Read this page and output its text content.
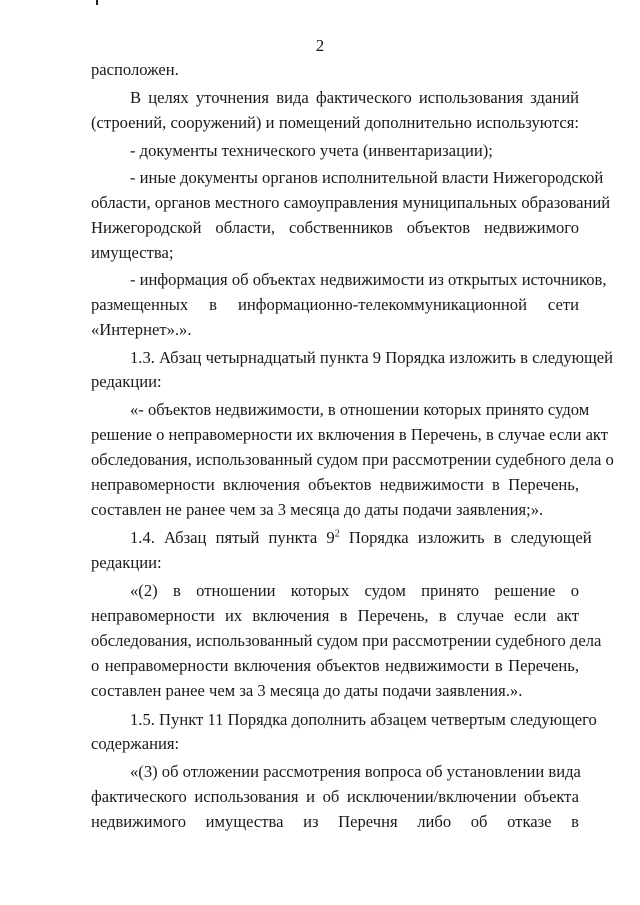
2
расположен.
В целях уточнения вида фактического использования зданий
(строений, сооружений) и помещений дополнительно используются:
- документы технического учета (инвентаризации);
- иные документы органов исполнительной власти Нижегородской
области, органов местного самоуправления муниципальных образований
Нижегородской области, собственников объектов недвижимого
имущества;
- информация об объектах недвижимости из открытых источников,
размещенных в информационно-телекоммуникационной сети
«Интернет».».
1.3. Абзац четырнадцатый пункта 9 Порядка изложить в следующей
редакции:
«- объектов недвижимости, в отношении которых принято судом
решение о неправомерности их включения в Перечень, в случае если акт
обследования, использованный судом при рассмотрении судебного дела о
неправомерности включения объектов недвижимости в Перечень,
составлен не ранее чем за 3 месяца до даты подачи заявления;».
1.4. Абзац пятый пункта $9^2$ Порядка изложить в следующей
редакции:
«(2) в отношении которых судом принято решение о
неправомерности их включения в Перечень, в случае если акт
обследования, использованный судом при рассмотрении судебного дела
о неправомерности включения объектов недвижимости в Перечень,
составлен ранее чем за 3 месяца до даты подачи заявления.».
1.5. Пункт 11 Порядка дополнить абзацем четвертым следующего
содержания:
«(3) об отложении рассмотрения вопроса об установлении вида
фактического использования и об исключении/включении объекта
недвижимого имущества из Перечня либо об отказе в
